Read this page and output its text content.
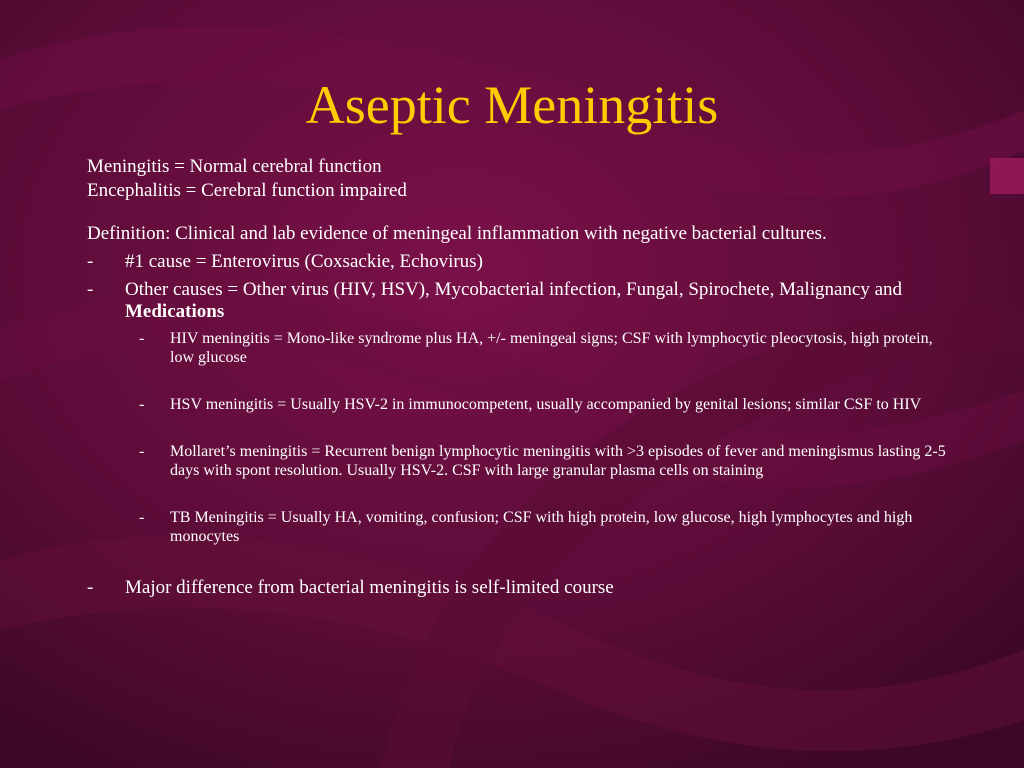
Aseptic Meningitis

Meningitis = Normal cerebral function

Encephalitis = Cerebral function impaired

Definition: Clinical and lab evidence of meningeal inflammation with negative bacterial cultures.
- #1 cause = Enterovirus (Coxsackie, Echovirus)
- Other causes = Other virus (HIV, HSV), Mycobacterial infection, Fungal, Spirochete, Malignancy and Medications
- HIV meningitis = Mono-like syndrome plus HA, +/- meningeal signs; CSF with lymphocytic pleocytosis, high protein, low glucose
- HSV meningitis = Usually HSV-2 in immunocompetent, usually accompanied by genital lesions; similar CSF to HIV
- Mollaret’s meningitis = Recurrent benign lymphocytic meningitis with >3 episodes of fever and meningismus lasting 2-5 days with spont resolution. Usually HSV-2. CSF with large granular plasma cells on staining
- TB Meningitis = Usually HA, vomiting, confusion; CSF with high protein, low glucose, high lymphocytes and high monocytes
- Major difference from bacterial meningitis is self-limited course
